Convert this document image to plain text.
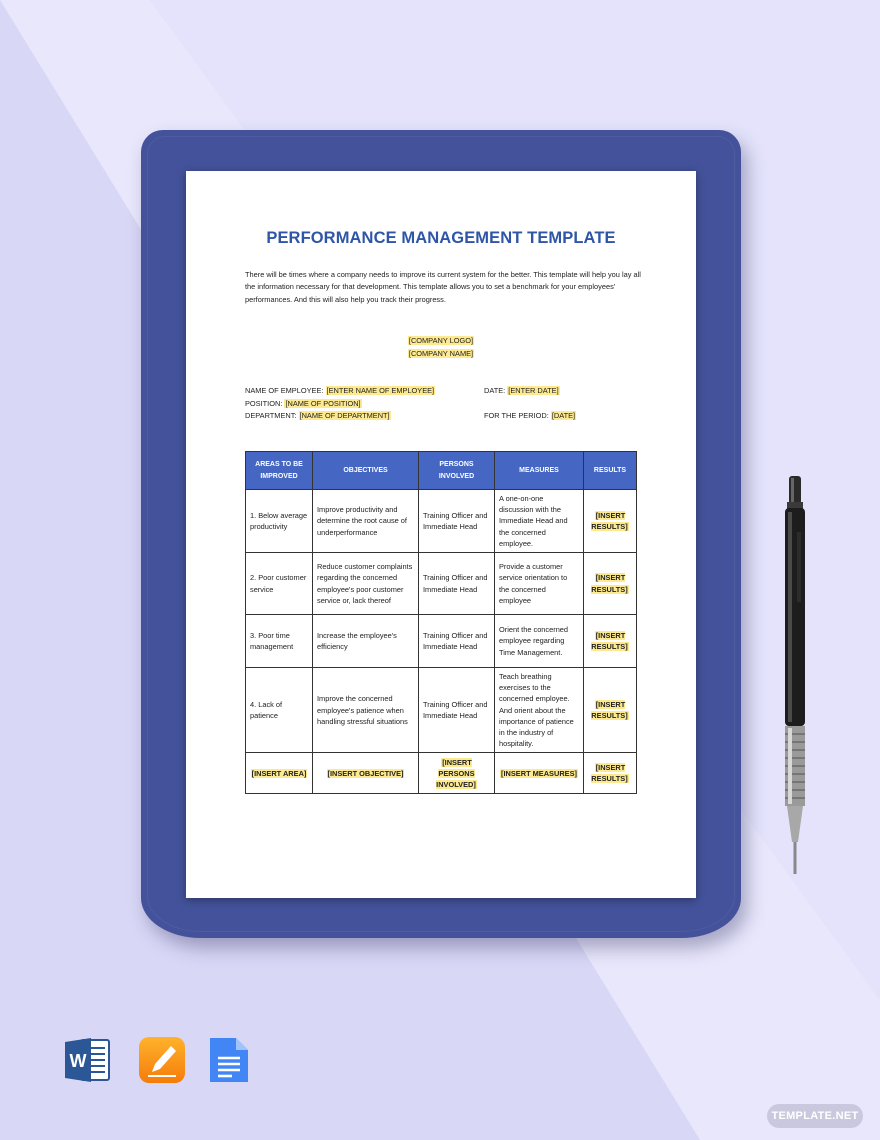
PERFORMANCE MANAGEMENT TEMPLATE
There will be times where a company needs to improve its current system for the better. This template will help you lay all the information necessary for that development. This template allows you to set a benchmark for your employees' performances. And this will also help you track their progress.
[COMPANY LOGO]
[COMPANY NAME]
NAME OF EMPLOYEE: [ENTER NAME OF EMPLOYEE]
POSITION: [NAME OF POSITION]
DEPARTMENT: [NAME OF DEPARTMENT]
DATE: [ENTER DATE]
FOR THE PERIOD: [DATE]
AREAS TO BE IMPROVED	OBJECTIVES	PERSONS INVOLVED	MEASURES	RESULTS
1. Below average productivity	Improve productivity and determine the root cause of underperformance	Training Officer and Immediate Head	A one-on-one discussion with the Immediate Head and the concerned employee.	[INSERT RESULTS]
2. Poor customer service	Reduce customer complaints regarding the concerned employee's poor customer service or, lack thereof	Training Officer and Immediate Head	Provide a customer service orientation to the concerned employee	[INSERT RESULTS]
3. Poor time management	Increase the employee's efficiency	Training Officer and Immediate Head	Orient the concerned employee regarding Time Management.	[INSERT RESULTS]
4. Lack of patience	Improve the concerned employee's patience when handling stressful situations	Training Officer and Immediate Head	Teach breathing exercises to the concerned employee. And orient about the importance of patience in the industry of hospitality.	[INSERT RESULTS]
[INSERT AREA]	[INSERT OBJECTIVE]	[INSERT PERSONS INVOLVED]	[INSERT MEASURES]	[INSERT RESULTS]
W
TEMPLATE.NET
